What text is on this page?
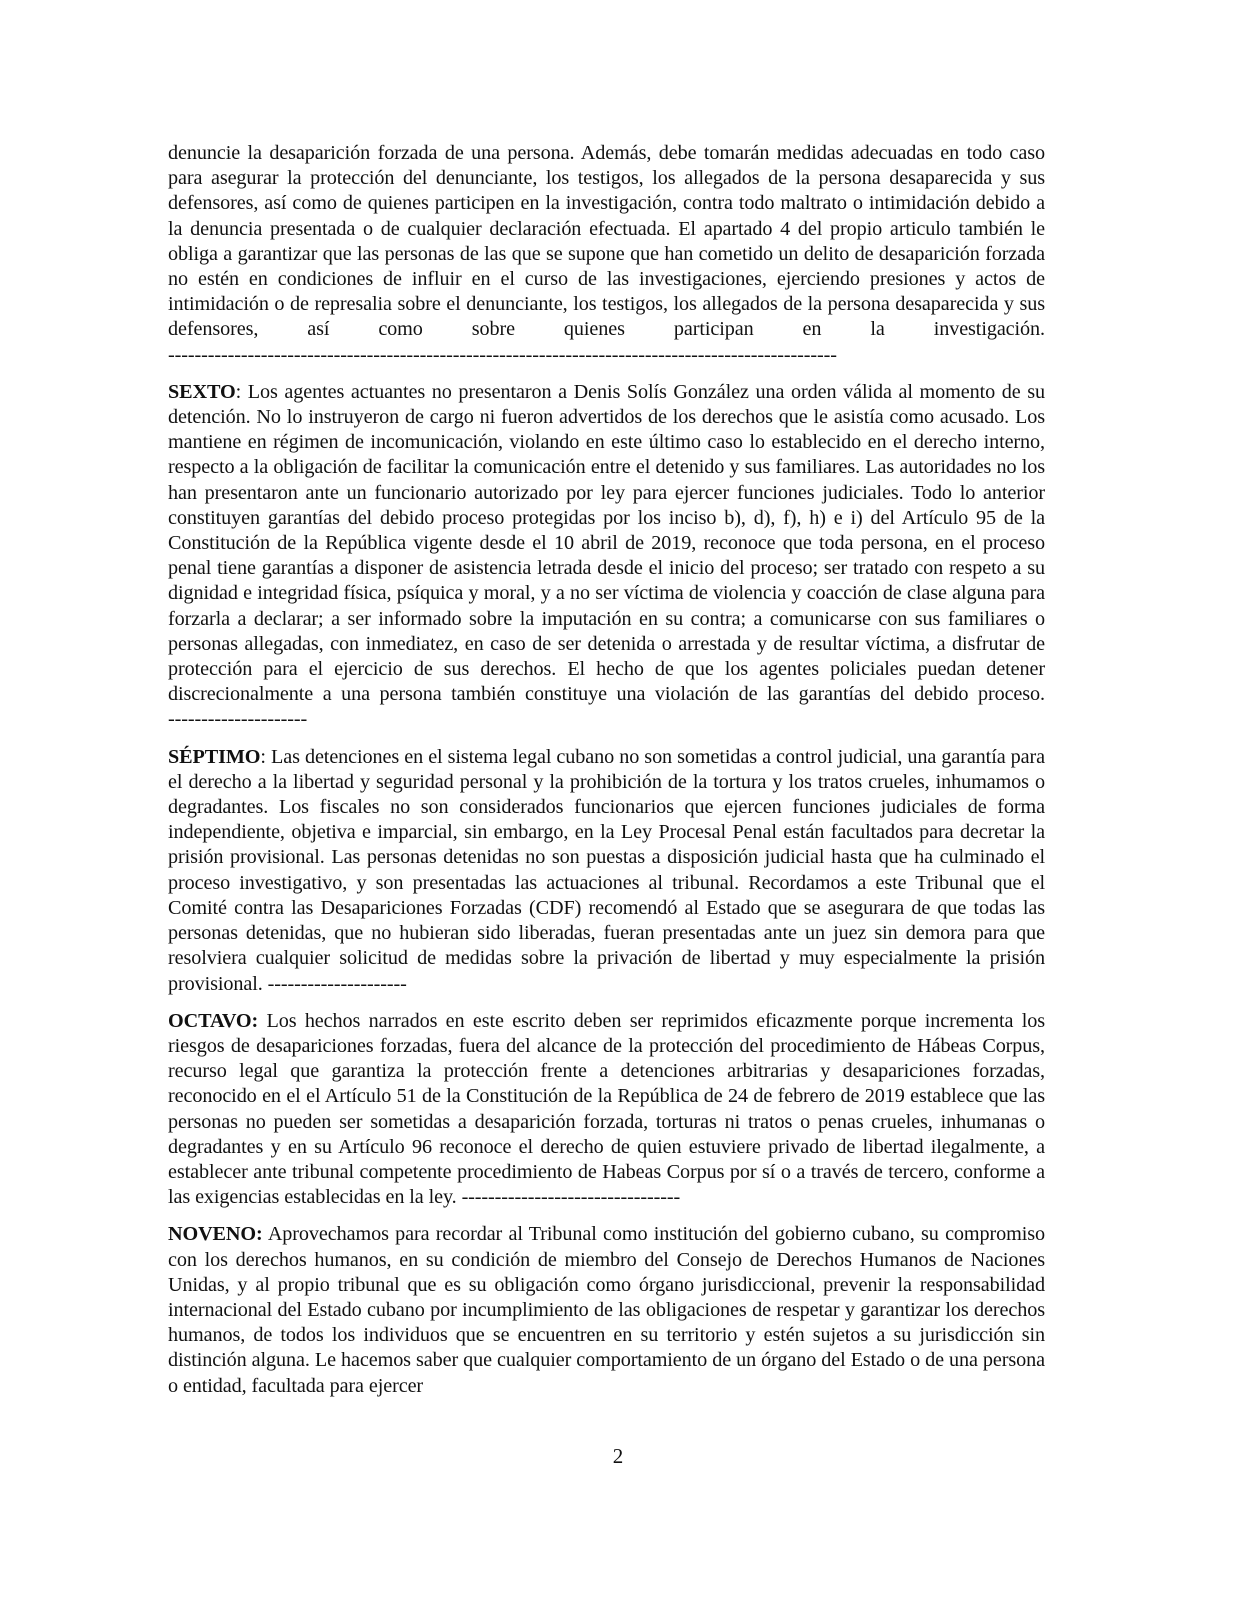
denuncie la desaparición forzada de una persona. Además, debe tomarán medidas adecuadas en todo caso para asegurar la protección del denunciante, los testigos, los allegados de la persona desaparecida y sus defensores, así como de quienes participen en la investigación, contra todo maltrato o intimidación debido a la denuncia presentada o de cualquier declaración efectuada. El apartado 4 del propio articulo también le obliga a garantizar que las personas de las que se supone que han cometido un delito de desaparición forzada no estén en condiciones de influir en el curso de las investigaciones, ejerciendo presiones y actos de intimidación o de represalia sobre el denunciante, los testigos, los allegados de la persona desaparecida y sus defensores, así como sobre quienes participan en la investigación. -----------------------------------------------------------------------------------------------------

SEXTO: Los agentes actuantes no presentaron a Denis Solís González una orden válida al momento de su detención. No lo instruyeron de cargo ni fueron advertidos de los derechos que le asistía como acusado. Los mantiene en régimen de incomunicación, violando en este último caso lo establecido en el derecho interno, respecto a la obligación de facilitar la comunicación entre el detenido y sus familiares. Las autoridades no los han presentaron ante un funcionario autorizado por ley para ejercer funciones judiciales. Todo lo anterior constituyen garantías del debido proceso protegidas por los inciso b), d), f), h) e i) del Artículo 95 de la Constitución de la República vigente desde el 10 abril de 2019, reconoce que toda persona, en el proceso penal tiene garantías a disponer de asistencia letrada desde el inicio del proceso; ser tratado con respeto a su dignidad e integridad física, psíquica y moral, y a no ser víctima de violencia y coacción de clase alguna para forzarla a declarar; a ser informado sobre la imputación en su contra; a comunicarse con sus familiares o personas allegadas, con inmediatez, en caso de ser detenida o arrestada y de resultar víctima, a disfrutar de protección para el ejercicio de sus derechos. El hecho de que los agentes policiales puedan detener discrecionalmente a una persona también constituye una violación de las garantías del debido proceso. ---------------------

SÉPTIMO: Las detenciones en el sistema legal cubano no son sometidas a control judicial, una garantía para el derecho a la libertad y seguridad personal y la prohibición de la tortura y los tratos crueles, inhumamos o degradantes. Los fiscales no son considerados funcionarios que ejercen funciones judiciales de forma independiente, objetiva e imparcial, sin embargo, en la Ley Procesal Penal están facultados para decretar la prisión provisional. Las personas detenidas no son puestas a disposición judicial hasta que ha culminado el proceso investigativo, y son presentadas las actuaciones al tribunal. Recordamos a este Tribunal que el Comité contra las Desapariciones Forzadas (CDF) recomendó al Estado que se asegurara de que todas las personas detenidas, que no hubieran sido liberadas, fueran presentadas ante un juez sin demora para que resolviera cualquier solicitud de medidas sobre la privación de libertad y muy especialmente la prisión provisional. ---------------------

OCTAVO: Los hechos narrados en este escrito deben ser reprimidos eficazmente porque incrementa los riesgos de desapariciones forzadas, fuera del alcance de la protección del procedimiento de Hábeas Corpus, recurso legal que garantiza la protección frente a detenciones arbitrarias y desapariciones forzadas, reconocido en el el Artículo 51 de la Constitución de la República de 24 de febrero de 2019 establece que las personas no pueden ser sometidas a desaparición forzada, torturas ni tratos o penas crueles, inhumanas o degradantes y en su Artículo 96 reconoce el derecho de quien estuviere privado de libertad ilegalmente, a establecer ante tribunal competente procedimiento de Habeas Corpus por sí o a través de tercero, conforme a las exigencias establecidas en la ley. ---------------------------------

NOVENO: Aprovechamos para recordar al Tribunal como institución del gobierno cubano, su compromiso con los derechos humanos, en su condición de miembro del Consejo de Derechos Humanos de Naciones Unidas, y al propio tribunal que es su obligación como órgano jurisdiccional, prevenir la responsabilidad internacional del Estado cubano por incumplimiento de las obligaciones de respetar y garantizar los derechos humanos, de todos los individuos que se encuentren en su territorio y estén sujetos a su jurisdicción sin distinción alguna. Le hacemos saber que cualquier comportamiento de un órgano del Estado o de una persona o entidad, facultada para ejercer

2
